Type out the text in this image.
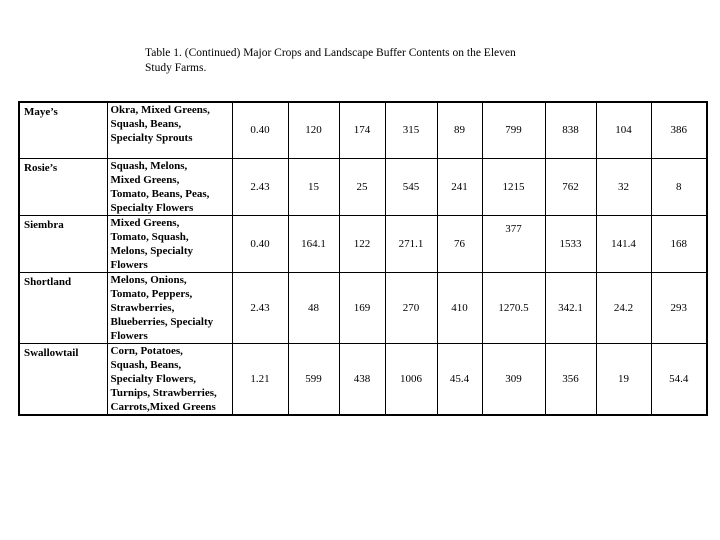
Table 1. (Continued) Major Crops and Landscape Buffer Contents on the Eleven
Study Farms.
Maye’s	Okra, Mixed Greens,
Squash, Beans,
Specialty Sprouts	0.40	120	174	315	89	799	838	104	386
Rosie’s	Squash, Melons,
Mixed Greens,
Tomato, Beans, Peas,
Specialty Flowers	2.43	15	25	545	241	1215	762	32	8
Siembra	Mixed Greens,
Tomato, Squash,
Melons, Specialty
Flowers	0.40	164.1	122	271.1	76	377	1533	141.4	168
Shortland	Melons, Onions,
Tomato, Peppers,
Strawberries,
Blueberries, Specialty
Flowers	2.43	48	169	270	410	1270.5	342.1	24.2	293
Swallowtail	Corn, Potatoes,
Squash, Beans,
Specialty Flowers,
Turnips, Strawberries,
Carrots,Mixed Greens	1.21	599	438	1006	45.4	309	356	19	54.4
